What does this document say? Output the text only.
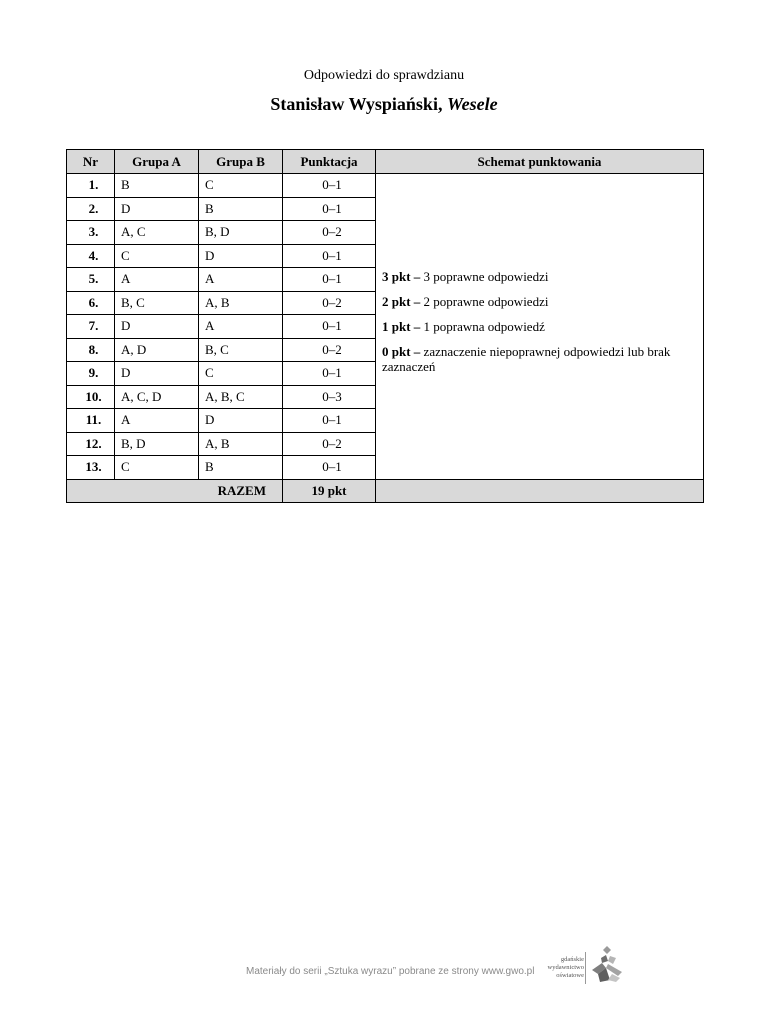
Odpowiedzi do sprawdzianu
Stanisław Wyspiański, Wesele
Nr	Grupa A	Grupa B	Punktacja	Schemat punktowania
1.	B	C	0–1	3 pkt – 3 poprawne odpowiedzi
2 pkt – 2 poprawne odpowiedzi
1 pkt – 1 poprawna odpowiedź
0 pkt – zaznaczenie niepoprawnej odpowiedzi lub brak zaznaczeń

2.	D	B	0–1	
3.	A, C	B, D	0–2	
4.	C	D	0–1	
5.	A	A	0–1	
6.	B, C	A, B	0–2	
7.	D	A	0–1	
8.	A, D	B, C	0–2	
9.	D	C	0–1	
10.	A, C, D	A, B, C	0–3	
11.	A	D	0–1	
12.	B, D	A, B	0–2	
13.	C	B	0–1	
RAZEM			19 pkt	
Materiały do serii „Sztuka wyrazu” pobrane ze strony www.gwo.pl
gdańskie
wydawnictwo
oświatowe
